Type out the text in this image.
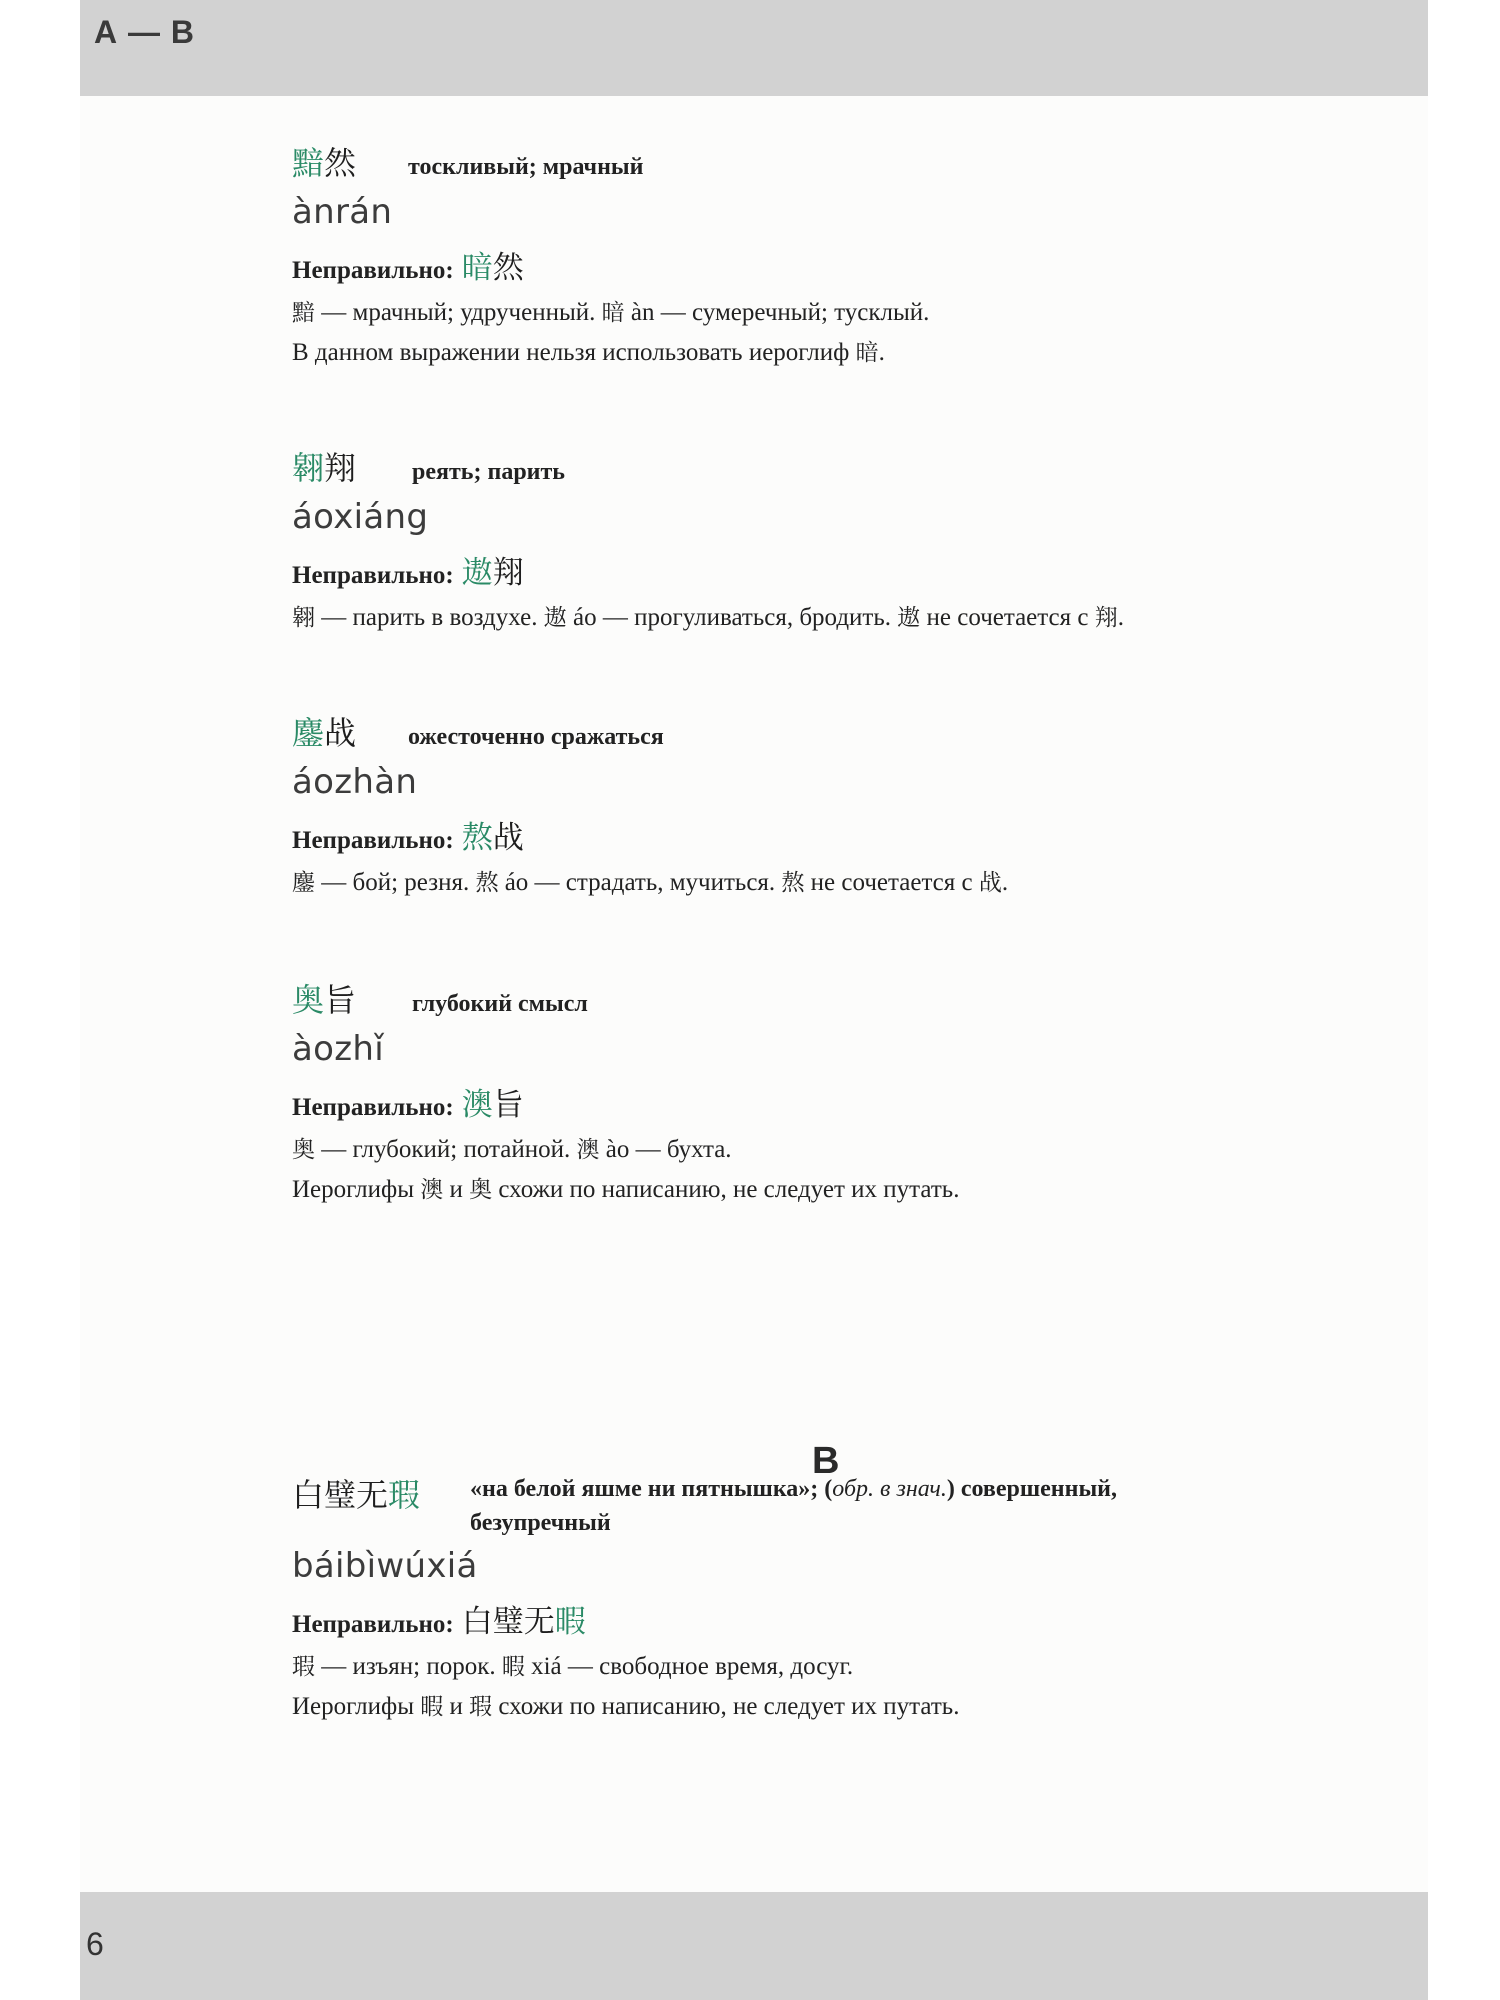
А — В
黯然 тоскливый; мрачный
ànrán
Неправильно: 暗然
黯 — мрачный; удрученный. 暗 àn — сумеречный; тусклый.
В данном выражении нельзя использовать иероглиф 暗.
翱翔 реять; парить
áoxiáng
Неправильно: 遨翔
翱 — парить в воздухе. 遨 áo — прогуливаться, бродить. 遨 не сочетается с 翔.
鏖战 ожесточенно сражаться
áozhàn
Неправильно: 熬战
鏖 — бой; резня. 熬 áo — страдать, мучиться. 熬 не сочетается с 战.
奥旨 глубокий смысл
àozhǐ
Неправильно: 澳旨
奥 — глубокий; потайной. 澳 ào — бухта.
Иероглифы 澳 и 奥 схожи по написанию, не следует их путать.
白璧无瑕 «на белой яшме ни пятнышка»; (обр. в знач.) совершенный,
безупречный
báibìwúxiá
Неправильно: 白璧无暇
瑕 — изъян; порок. 暇 xiá — свободное время, досуг.
Иероглифы 暇 и 瑕 схожи по написанию, не следует их путать.
В
6
